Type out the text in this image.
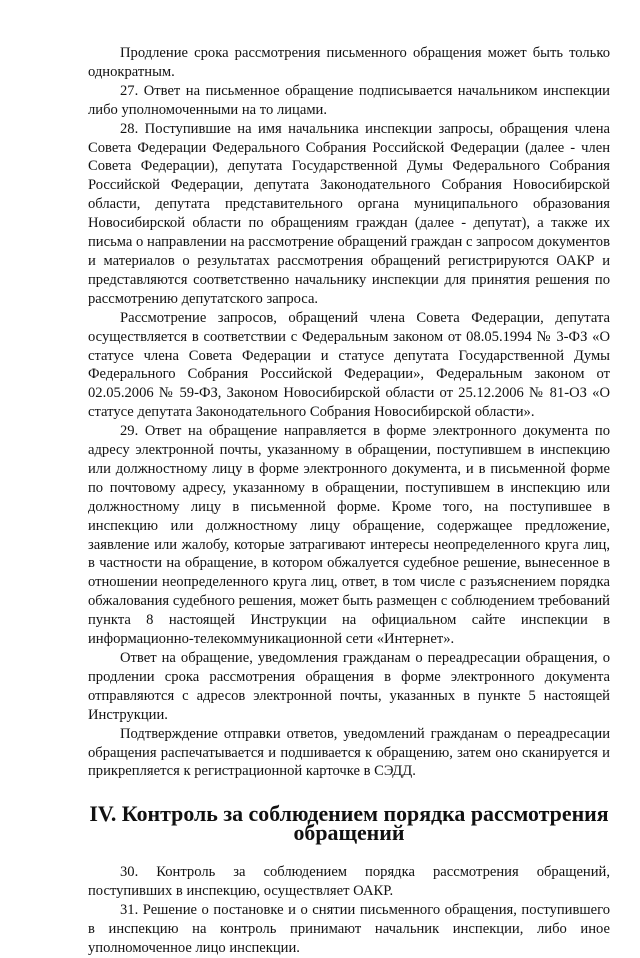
Продление срока рассмотрения письменного обращения может быть только однократным.

27. Ответ на письменное обращение подписывается начальником инспекции либо уполномоченными на то лицами.

28. Поступившие на имя начальника инспекции запросы, обращения члена Совета Федерации Федерального Собрания Российской Федерации (далее - член Совета Федерации), депутата Государственной Думы Федерального Собрания Российской Федерации, депутата Законодательного Собрания Новосибирской области, депутата представительного органа муниципального образования Новосибирской области по обращениям граждан (далее - депутат), а также их письма о направлении на рассмотрение обращений граждан с запросом документов и материалов о результатах рассмотрения обращений регистрируются ОАКР и представляются соответственно начальнику инспекции для принятия решения по рассмотрению депутатского запроса.

Рассмотрение запросов, обращений члена Совета Федерации, депутата осуществляется в соответствии с Федеральным законом от 08.05.1994 № 3-ФЗ «О статусе члена Совета Федерации и статусе депутата Государственной Думы Федерального Собрания Российской Федерации», Федеральным законом от 02.05.2006 № 59-ФЗ, Законом Новосибирской области от 25.12.2006 № 81-ОЗ «О статусе депутата Законодательного Собрания Новосибирской области».

29. Ответ на обращение направляется в форме электронного документа по адресу электронной почты, указанному в обращении, поступившем в инспекцию или должностному лицу в форме электронного документа, и в письменной форме по почтовому адресу, указанному в обращении, поступившем в инспекцию или должностному лицу в письменной форме. Кроме того, на поступившее в инспекцию или должностному лицу обращение, содержащее предложение, заявление или жалобу, которые затрагивают интересы неопределенного круга лиц, в частности на обращение, в котором обжалуется судебное решение, вынесенное в отношении неопределенного круга лиц, ответ, в том числе с разъяснением порядка обжалования судебного решения, может быть размещен с соблюдением требований пункта 8 настоящей Инструкции на официальном сайте инспекции в информационно-телекоммуникационной сети «Интернет».

Ответ на обращение, уведомления гражданам о переадресации обращения, о продлении срока рассмотрения обращения в форме электронного документа отправляются с адресов электронной почты, указанных в пункте 5 настоящей Инструкции.

Подтверждение отправки ответов, уведомлений гражданам о переадресации обращения распечатывается и подшивается к обращению, затем оно сканируется и прикрепляется к регистрационной карточке в СЭДД.

IV. Контроль за соблюдением порядка рассмотрения обращений

30. Контроль за соблюдением порядка рассмотрения обращений, поступивших в инспекцию, осуществляет ОАКР.

31. Решение о постановке и о снятии письменного обращения, поступившего в инспекцию на контроль принимают начальник инспекции, либо иное уполномоченное лицо инспекции.
